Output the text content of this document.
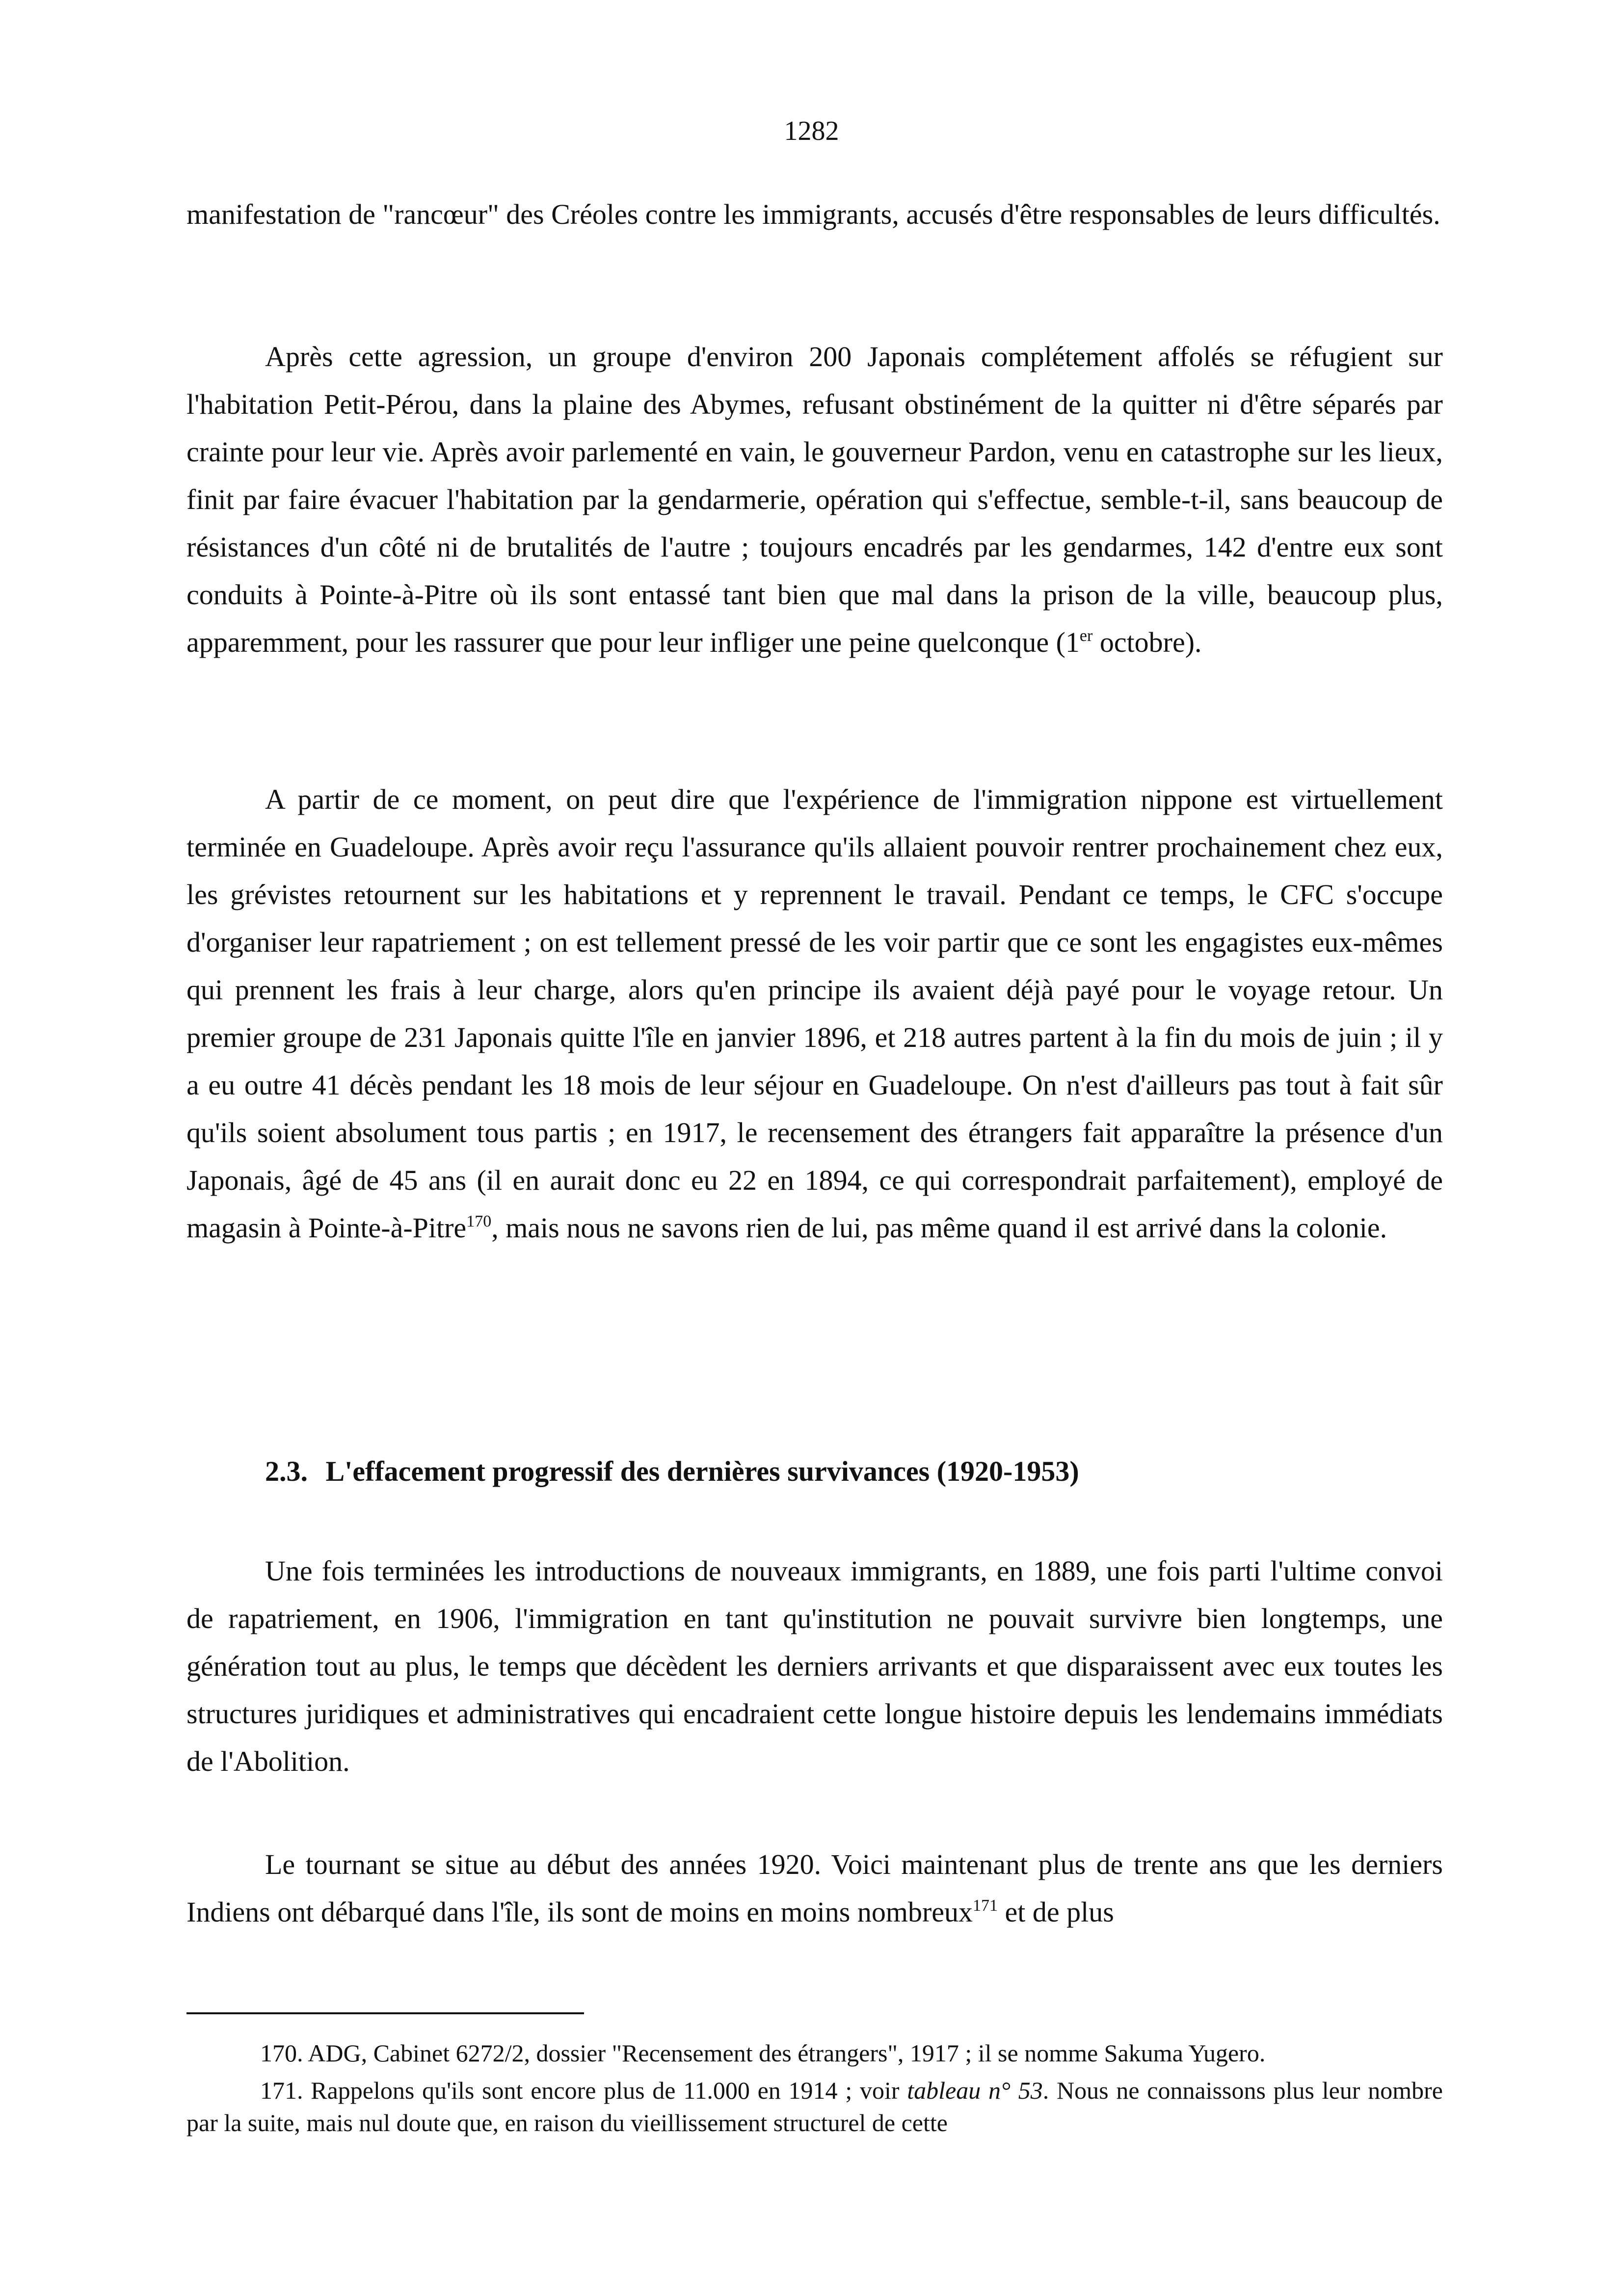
1282

manifestation de "rancœur" des Créoles contre les immigrants, accusés d'être responsables de leurs difficultés.

Après cette agression, un groupe d'environ 200 Japonais complétement affolés se réfugient sur l'habitation Petit-Pérou, dans la plaine des Abymes, refusant obstinément de la quitter ni d'être séparés par crainte pour leur vie. Après avoir parlementé en vain, le gouverneur Pardon, venu en catastrophe sur les lieux, finit par faire évacuer l'habitation par la gendarmerie, opération qui s'effectue, semble-t-il, sans beaucoup de résistances d'un côté ni de brutalités de l'autre ; toujours encadrés par les gendarmes, 142 d'entre eux sont conduits à Pointe-à-Pitre où ils sont entassé tant bien que mal dans la prison de la ville, beaucoup plus, apparemment, pour les rassurer que pour leur infliger une peine quelconque (1er octobre).

A partir de ce moment, on peut dire que l'expérience de l'immigration nippone est virtuellement terminée en Guadeloupe. Après avoir reçu l'assurance qu'ils allaient pouvoir rentrer prochainement chez eux, les grévistes retournent sur les habitations et y reprennent le travail. Pendant ce temps, le CFC s'occupe d'organiser leur rapatriement ; on est tellement pressé de les voir partir que ce sont les engagistes eux-mêmes qui prennent les frais à leur charge, alors qu'en principe ils avaient déjà payé pour le voyage retour. Un premier groupe de 231 Japonais quitte l'île en janvier 1896, et 218 autres partent à la fin du mois de juin ; il y a eu outre 41 décès pendant les 18 mois de leur séjour en Guadeloupe. On n'est d'ailleurs pas tout à fait sûr qu'ils soient absolument tous partis ; en 1917, le recensement des étrangers fait apparaître la présence d'un Japonais, âgé de 45 ans (il en aurait donc eu 22 en 1894, ce qui correspondrait parfaitement), employé de magasin à Pointe-à-Pitre$^{170}$, mais nous ne savons rien de lui, pas même quand il est arrivé dans la colonie.

2.3. L'effacement progressif des dernières survivances (1920-1953)

Une fois terminées les introductions de nouveaux immigrants, en 1889, une fois parti l'ultime convoi de rapatriement, en 1906, l'immigration en tant qu'institution ne pouvait survivre bien longtemps, une génération tout au plus, le temps que décèdent les derniers arrivants et que disparaissent avec eux toutes les structures juridiques et administratives qui encadraient cette longue histoire depuis les lendemains immédiats de l'Abolition.

Le tournant se situe au début des années 1920. Voici maintenant plus de trente ans que les derniers Indiens ont débarqué dans l'île, ils sont de moins en moins nombreux$^{171}$ et de plus

170. ADG, Cabinet 6272/2, dossier "Recensement des étrangers", 1917 ; il se nomme Sakuma Yugero.

171. Rappelons qu'ils sont encore plus de 11.000 en 1914 ; voir tableau n° 53. Nous ne connaissons plus leur nombre par la suite, mais nul doute que, en raison du vieillissement structurel de cette
